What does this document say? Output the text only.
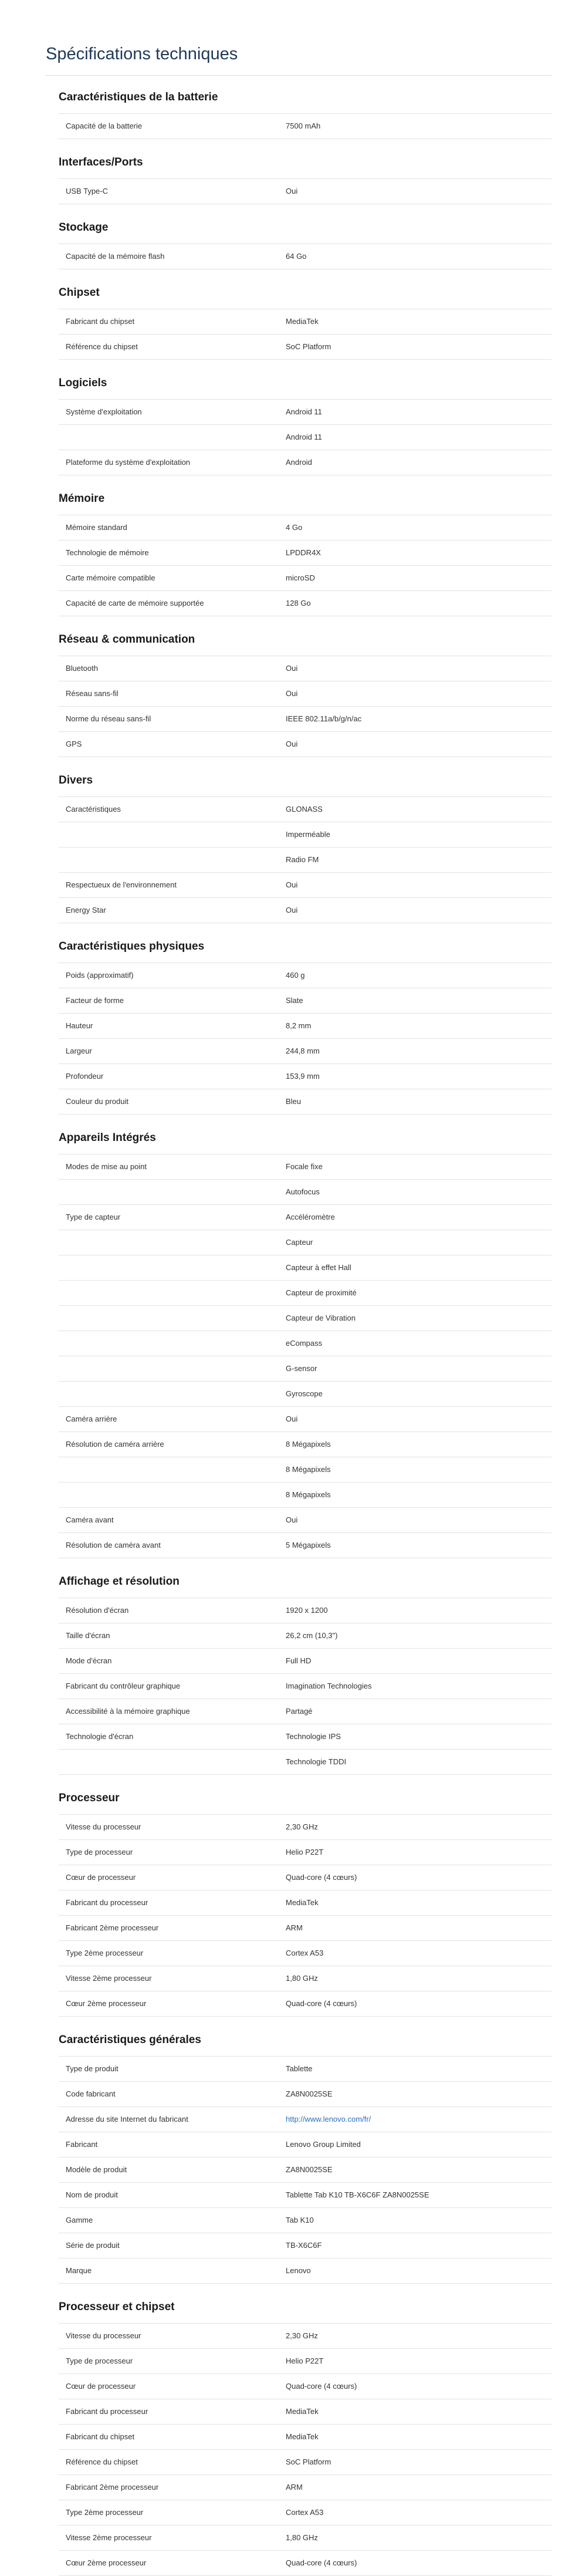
Spécifications techniques
Caractéristiques de la batterie
Capacité de la batterie	7500 mAh
Interfaces/Ports
USB Type-C	Oui
Stockage
Capacité de la mémoire flash	64 Go
Chipset
Fabricant du chipset	MediaTek
Référence du chipset	SoC Platform
Logiciels
Système d'exploitation	Android 11
Android 11
Plateforme du système d'exploitation	Android
Mémoire
Mémoire standard	4 Go
Technologie de mémoire	LPDDR4X
Carte mémoire compatible	microSD
Capacité de carte de mémoire supportée	128 Go
Réseau & communication
Bluetooth	Oui
Réseau sans-fil	Oui
Norme du réseau sans-fil	IEEE 802.11a/b/g/n/ac
GPS	Oui
Divers
Caractéristiques	GLONASS
Imperméable
Radio FM
Respectueux de l'environnement	Oui
Energy Star	Oui
Caractéristiques physiques
Poids (approximatif)	460 g
Facteur de forme	Slate
Hauteur	8,2 mm
Largeur	244,8 mm
Profondeur	153,9 mm
Couleur du produit	Bleu
Appareils Intégrés
Modes de mise au point	Focale fixe
Autofocus
Type de capteur	Accéléromètre
Capteur
Capteur à effet Hall
Capteur de proximité
Capteur de Vibration
eCompass
G-sensor
Gyroscope
Caméra arrière	Oui
Résolution de caméra arrière	8 Mégapixels
8 Mégapixels
8 Mégapixels
Caméra avant	Oui
Résolution de caméra avant	5 Mégapixels
Affichage et résolution
Résolution d'écran	1920 x 1200
Taille d'écran	26,2 cm (10,3")
Mode d'écran	Full HD
Fabricant du contrôleur graphique	Imagination Technologies
Accessibilité à la mémoire graphique	Partagé
Technologie d'écran	Technologie IPS
Technologie TDDI
Processeur
Vitesse du processeur	2,30 GHz
Type de processeur	Helio P22T
Cœur de processeur	Quad-core (4 cœurs)
Fabricant du processeur	MediaTek
Fabricant 2ème processeur	ARM
Type 2ème processeur	Cortex A53
Vitesse 2ème processeur	1,80 GHz
Cœur 2ème processeur	Quad-core (4 cœurs)
Caractéristiques générales
Type de produit	Tablette
Code fabricant	ZA8N0025SE
Adresse du site Internet du fabricant	http://www.lenovo.com/fr/
Fabricant	Lenovo Group Limited
Modèle de produit	ZA8N0025SE
Nom de produit	Tablette Tab K10 TB-X6C6F ZA8N0025SE
Gamme	Tab K10
Série de produit	TB-X6C6F
Marque	Lenovo
Processeur et chipset
Vitesse du processeur	2,30 GHz
Type de processeur	Helio P22T
Cœur de processeur	Quad-core (4 cœurs)
Fabricant du processeur	MediaTek
Fabricant du chipset	MediaTek
Référence du chipset	SoC Platform
Fabricant 2ème processeur	ARM
Type 2ème processeur	Cortex A53
Vitesse 2ème processeur	1,80 GHz
Cœur 2ème processeur	Quad-core (4 cœurs)
